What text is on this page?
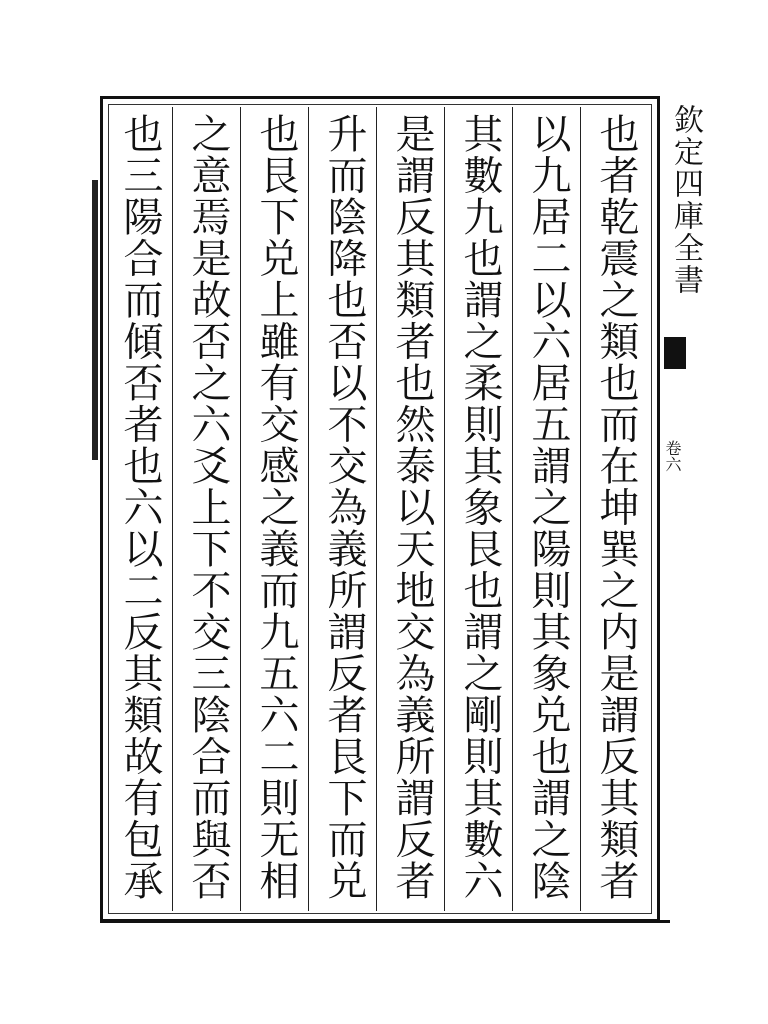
也者乾震之類也而在坤巽之内是謂反其類者
以九居二以六居五謂之陽則其象兑也謂之陰
其數九也謂之柔則其象艮也謂之剛則其數六
是謂反其類者也然泰以天地交為義所謂反者
升而陰降也否以不交為義所謂反者艮下而兑
也艮下兑上雖有交感之義而九五六二則无相
之意焉是故否之六爻上下不交三陰合而與否
也三陽合而傾否者也六以二反其類故有包承
欽定四庫全書
卷六
